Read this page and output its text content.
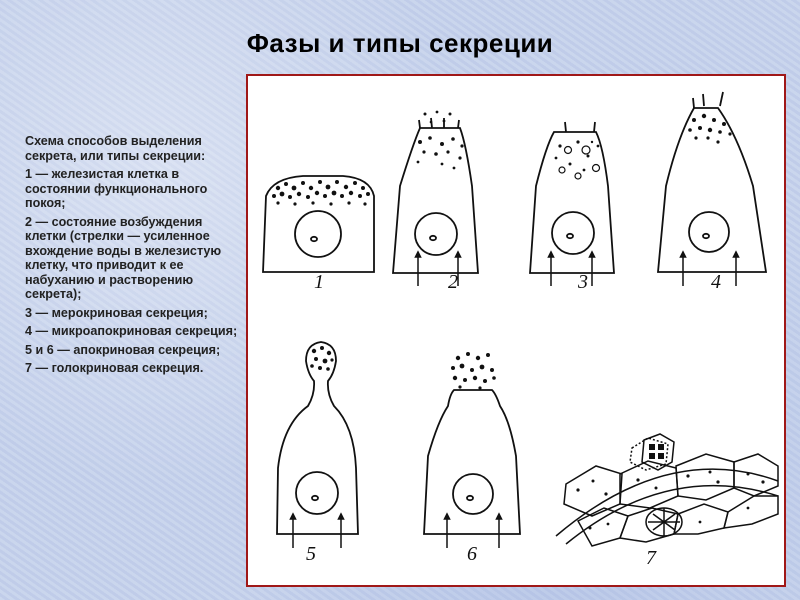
Фазы и типы секреции

Схема способов выделения секрета, или типы секреции:

1 — железистая клетка в состоянии функционального покоя;

2 — состояние возбуждения клетки (стрелки — усиленное вхождение воды в железистую клетку, что приводит к ее набуханию и растворению секрета);

3 — мерокриновая секреция;

4 — микроапокриновая секреция;

5 и 6 — апокриновая секреция;

7 — голокриновая секреция.

1	2	3	4
5	6	7
